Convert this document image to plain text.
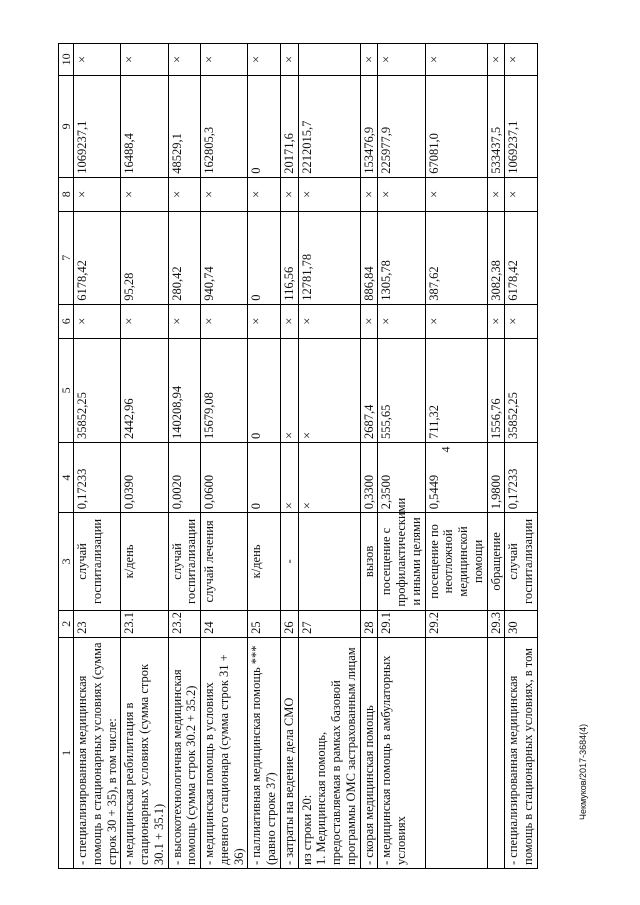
4
1	2	3	4	5	6	7	8	9	10
- специализированная медицинская помощь в стационарных условиях (сумма строк 30 + 35), в том числе:	23	случай госпитализации	0,17233	35852,25	×	6178,42	×	1069237,1	×
- медицинская реабилитация в стационарных условиях (сумма строк 30.1 + 35.1)	23.1	к/день	0,0390	2442,96	×	95,28	×	16488,4	×
- высокотехнологичная медицинская помощь (сумма строк 30.2 + 35.2)	23.2	случай госпитализации	0,0020	140208,94	×	280,42	×	48529,1	×
- медицинская помощь в условиях дневного стационара (сумма строк 31 + 36)	24	случай лечения	0,0600	15679,08	×	940,74	×	162805,3	×
- паллиативная медицинская помощь *** (равно строке 37)	25	к/день	0	0	×	0	×	0	×
- затраты на ведение дела СМО	26	-	×	×	×	116,56	×	20171,6	×
из строки 20:
1. Медицинская помощь, предоставляемая в рамках базовой программы ОМС застрахованным лицам	27		×	×	×	12781,78	×	2212015,7	
- скорая медицинская помощь	28	вызов	0,3300	2687,4	×	886,84	×	153476,9	×
- медицинская помощь в амбулаторных условиях	29.1	посещение с профилактическими и иными целями	2,3500	555,65	×	1305,78	×	225977,9	×
	29.2	посещение по неотложной медицинской помощи	0,5449	711,32	×	387,62	×	67081,0	×
	29.3	обращение	1,9800	1556,76	×	3082,38	×	533437,5	×
- специализированная медицинская помощь в стационарных условиях, в том	30	случай госпитализации	0,17233	35852,25	×	6178,42	×	1069237,1	×
Чекмуков/2017-3684(4)
